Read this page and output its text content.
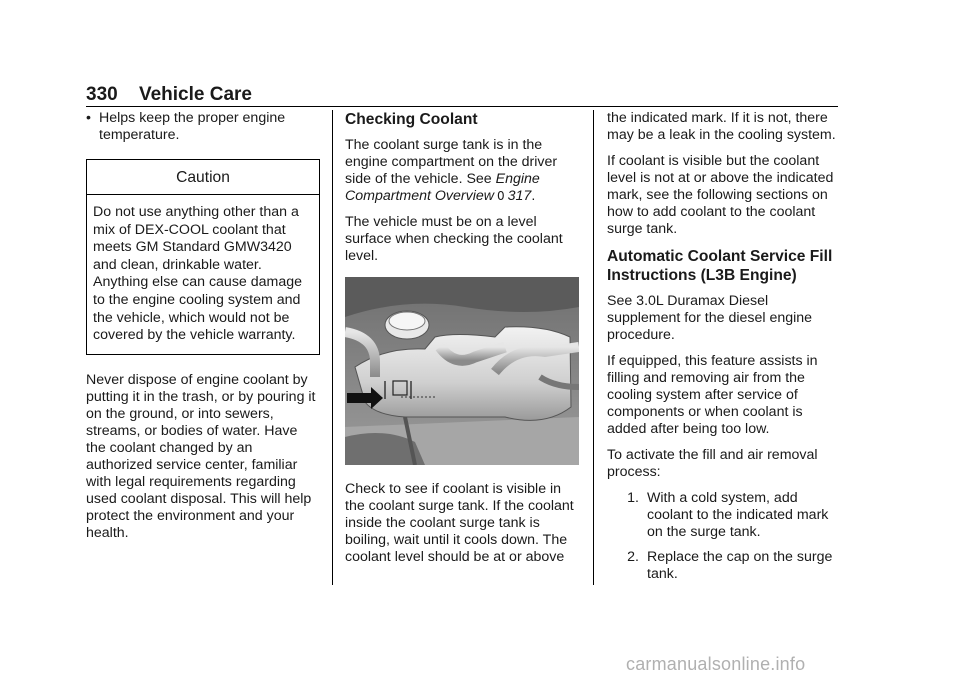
330 Vehicle Care
• Helps keep the proper engine temperature.
Caution
Do not use anything other than a mix of DEX-COOL coolant that meets GM Standard GMW3420 and clean, drinkable water. Anything else can cause damage to the engine cooling system and the vehicle, which would not be covered by the vehicle warranty.

Never dispose of engine coolant by putting it in the trash, or by pouring it on the ground, or into sewers, streams, or bodies of water. Have the coolant changed by an authorized service center, familiar with legal requirements regarding used coolant disposal. This will help protect the environment and your health.

Checking Coolant

The coolant surge tank is in the engine compartment on the driver side of the vehicle. See Engine Compartment Overview 0 317.

The vehicle must be on a level surface when checking the coolant level.

Check to see if coolant is visible in the coolant surge tank. If the coolant inside the coolant surge tank is boiling, wait until it cools down. The coolant level should be at or above

the indicated mark. If it is not, there may be a leak in the cooling system.

If coolant is visible but the coolant level is not at or above the indicated mark, see the following sections on how to add coolant to the coolant surge tank.

Automatic Coolant Service Fill Instructions (L3B Engine)

See 3.0L Duramax Diesel supplement for the diesel engine procedure.

If equipped, this feature assists in filling and removing air from the cooling system after service of components or when coolant is added after being too low.

To activate the fill and air removal process:

1. With a cold system, add coolant to the indicated mark on the surge tank.
2. Replace the cap on the surge tank.
carmanualsonline.info
